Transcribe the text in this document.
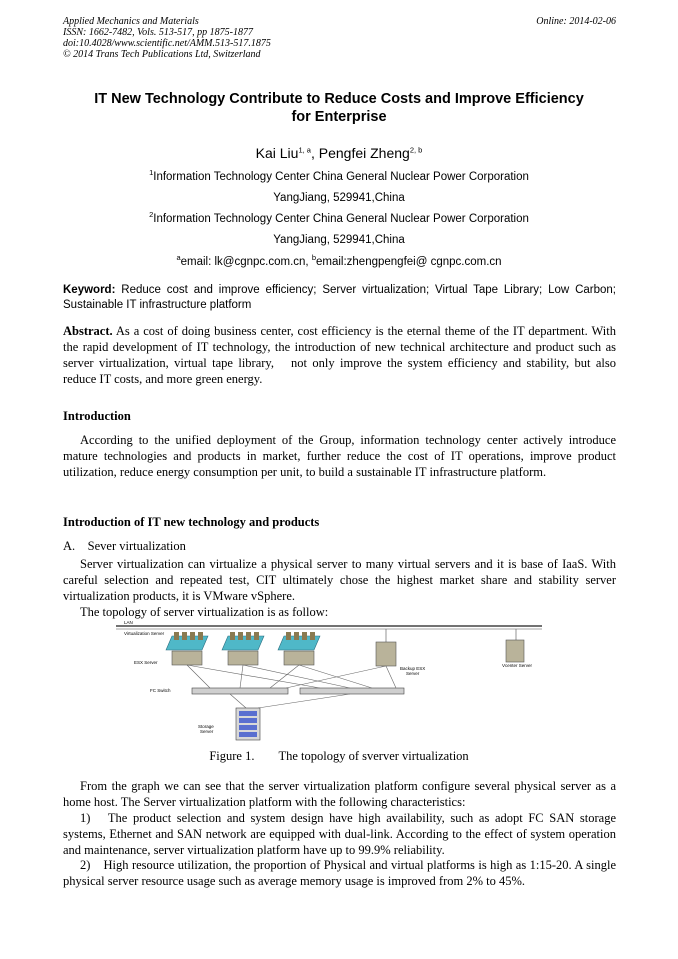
Applied Mechanics and Materials
ISSN: 1662-7482, Vols. 513-517, pp 1875-1877
doi:10.4028/www.scientific.net/AMM.513-517.1875
© 2014 Trans Tech Publications Ltd, Switzerland
Online: 2014-02-06
IT New Technology Contribute to Reduce Costs and Improve Efficiency
for Enterprise
Kai Liu$^{1, a}$, Pengfei Zheng$^{2, b}$
$^1$Information Technology Center China General Nuclear Power Corporation
YangJiang, 529941,China
$^2$Information Technology Center China General Nuclear Power Corporation
YangJiang, 529941,China
$^a$email: lk@cgnpc.com.cn, $^b$email:zhengpengfei@ cgnpc.com.cn
Keyword: Reduce cost and improve efficiency; Server virtualization; Virtual Tape Library; Low Carbon; Sustainable IT infrastructure platform
Abstract. As a cost of doing business center, cost efficiency is the eternal theme of the IT department. With the rapid development of IT technology, the introduction of new technical architecture and product such as server virtualization, virtual tape library,　not only improve the system efficiency and stability, but also reduce IT costs, and more green energy.
Introduction

According to the unified deployment of the Group, information technology center actively introduce mature technologies and products in market, further reduce the cost of IT operations, improve product utilization, reduce energy consumption per unit, to build a sustainable IT infrastructure platform.

Introduction of IT new technology and products
A.　Sever virtualization

Server virtualization can virtualize a physical server to many virtual servers and it is base of IaaS. With careful selection and repeated test, CIT ultimately chose the highest market share and stability server virtualization products, it is VMware vSphere.

The topology of server virtualization is as follow:
LAN
Virtualization Server
ESX Server
Backup ESX
Server
Vcenter Server
FC Switch
Storage
Server
Figure 1. The topology of sverver virtualization

From the graph we can see that the server virtualization platform configure several physical server as a home host. The Server virtualization platform with the following characteristics:

1)　The product selection and system design have high availability, such as adopt FC SAN storage systems, Ethernet and SAN network are equipped with dual-link. According to the effect of system operation and maintenance, server virtualization platform have up to 99.9% reliability.

2)　High resource utilization, the proportion of Physical and virtual platforms is high as 1:15-20. A single physical server resource usage such as average memory usage is improved from 2% to 45%.
